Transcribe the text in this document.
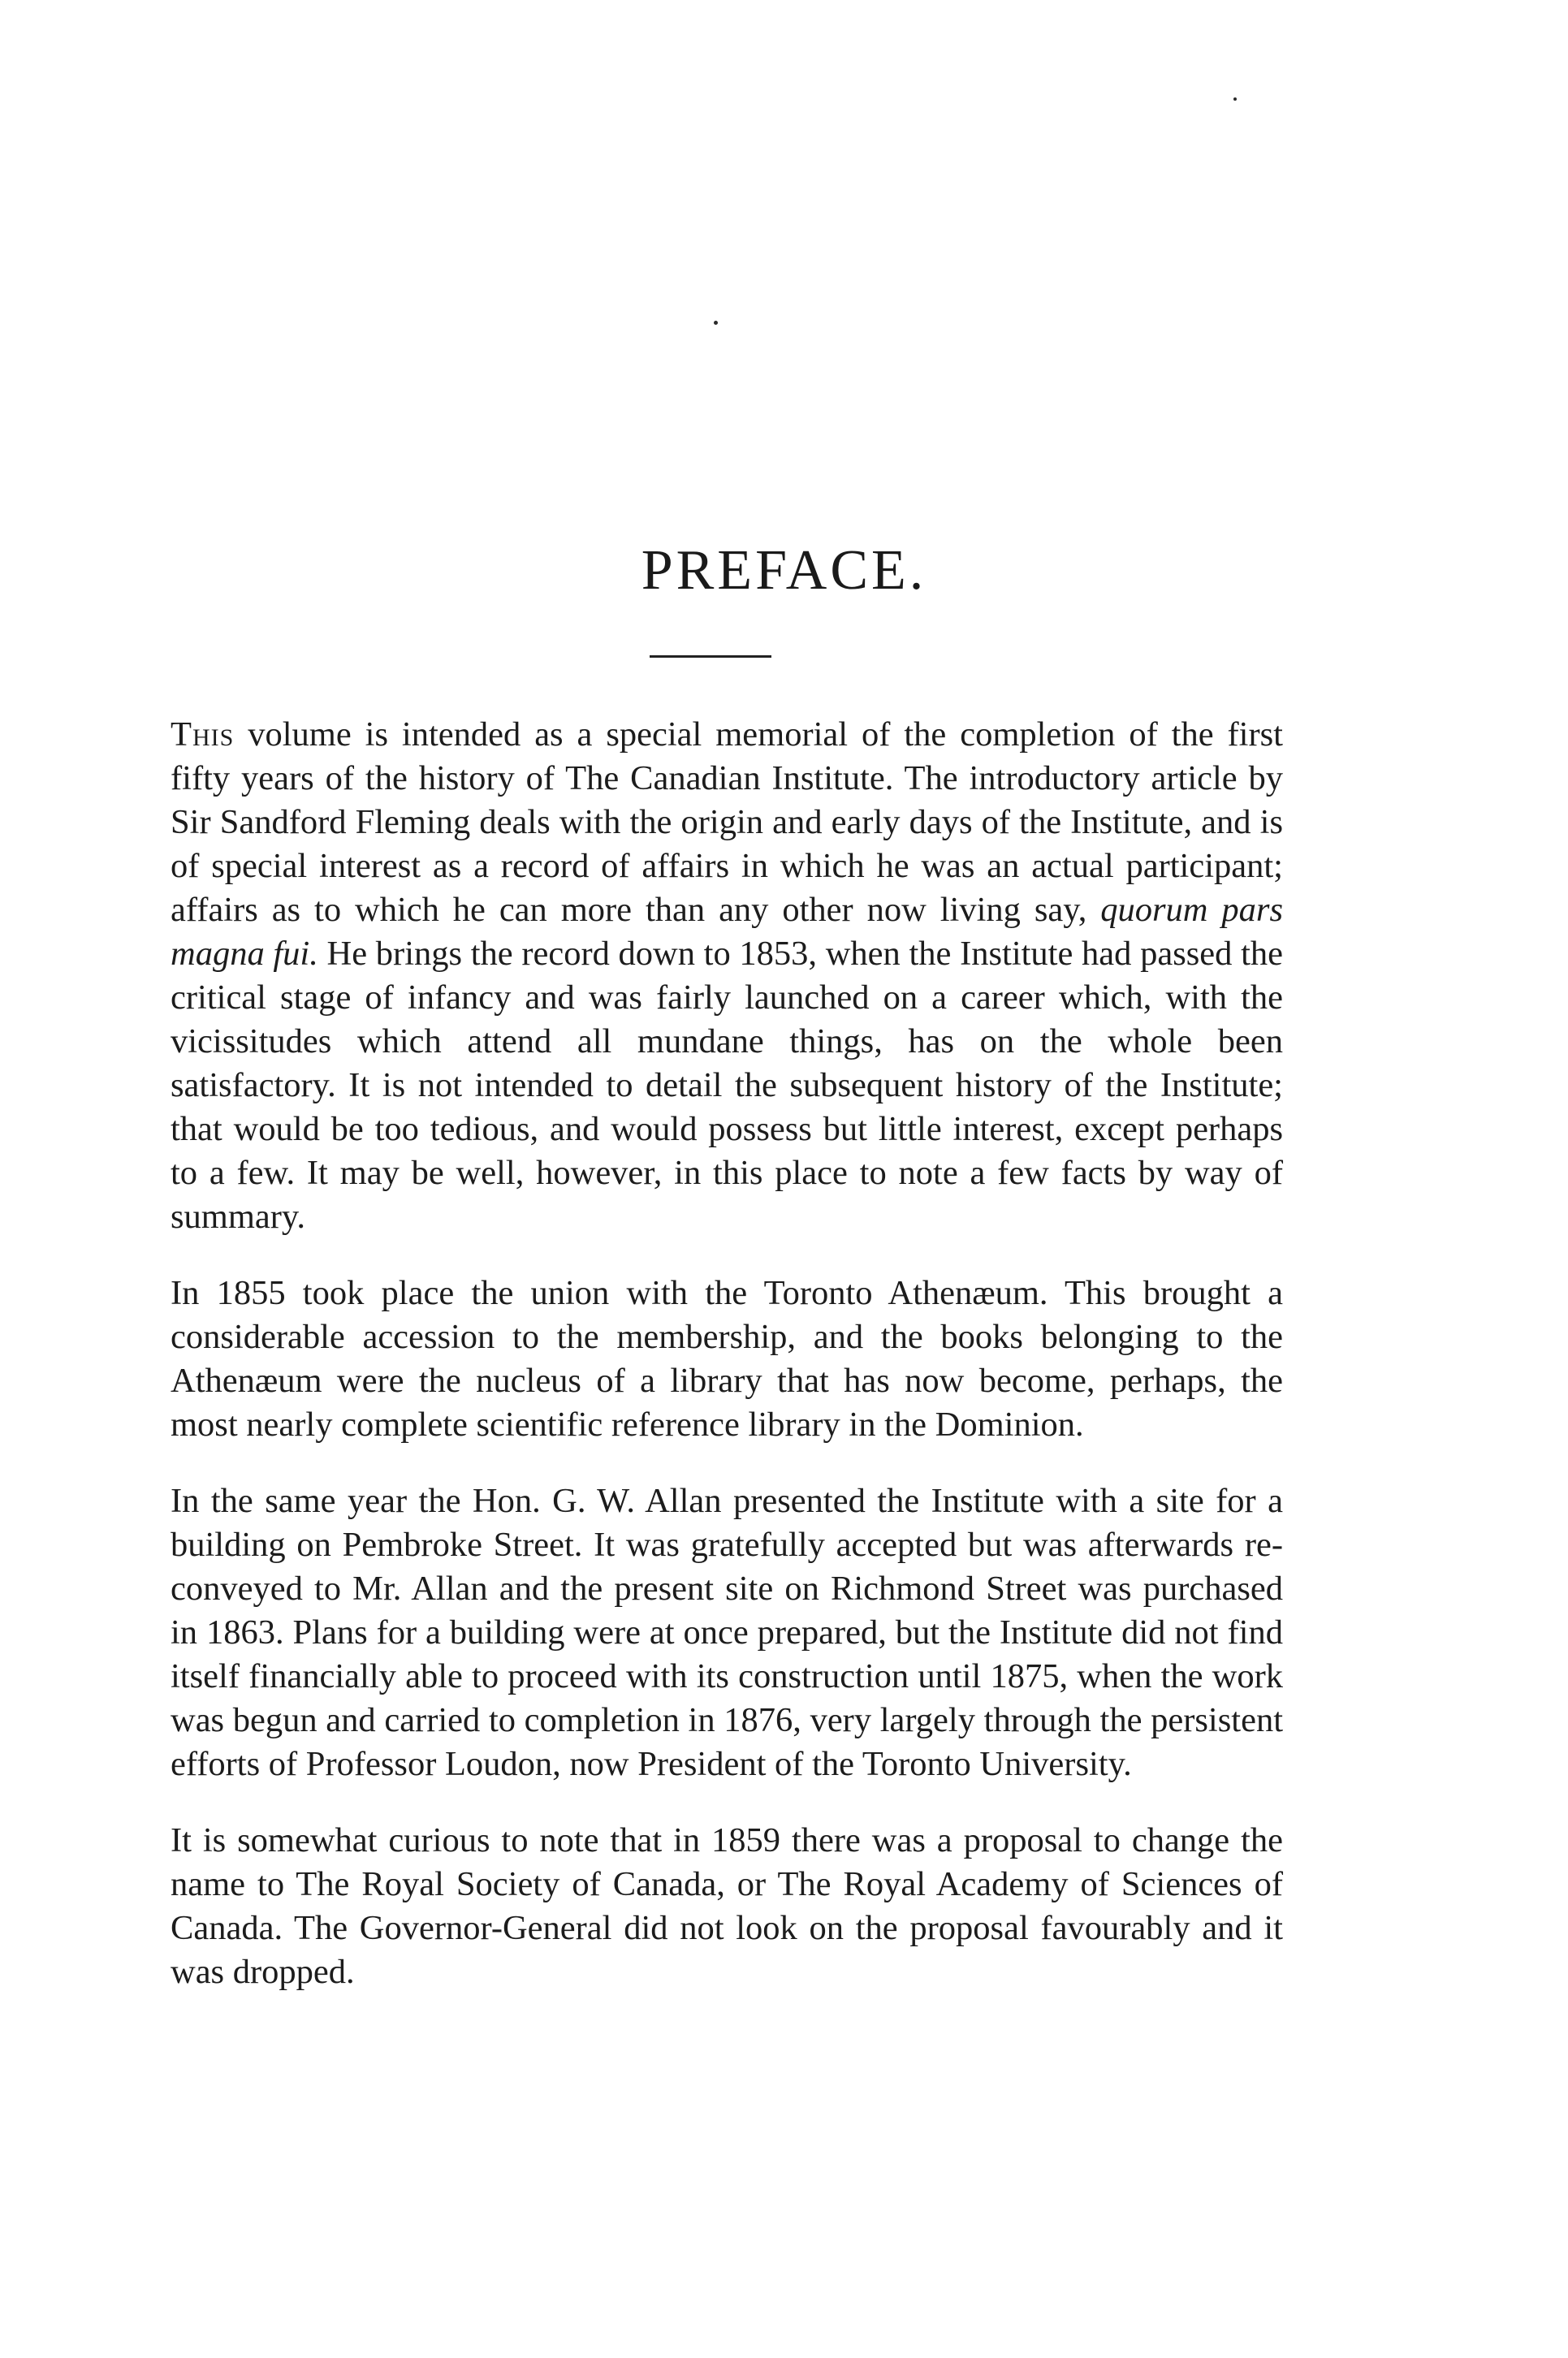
PREFACE.

This volume is intended as a special memorial of the completion of the first fifty years of the history of The Canadian Institute. The introductory article by Sir Sandford Fleming deals with the origin and early days of the Institute, and is of special interest as a record of affairs in which he was an actual participant; affairs as to which he can more than any other now living say, quorum pars magna fui. He brings the record down to 1853, when the Institute had passed the critical stage of infancy and was fairly launched on a career which, with the vicissitudes which attend all mundane things, has on the whole been satisfactory. It is not intended to detail the subsequent history of the Institute; that would be too tedious, and would possess but little interest, except perhaps to a few. It may be well, however, in this place to note a few facts by way of summary.

In 1855 took place the union with the Toronto Athenæum. This brought a considerable accession to the membership, and the books belonging to the Athenæum were the nucleus of a library that has now become, perhaps, the most nearly complete scientific reference library in the Dominion.

In the same year the Hon. G. W. Allan presented the Institute with a site for a building on Pembroke Street. It was gratefully accepted but was afterwards re-conveyed to Mr. Allan and the present site on Richmond Street was purchased in 1863. Plans for a building were at once prepared, but the Institute did not find itself financially able to proceed with its construction until 1875, when the work was begun and carried to completion in 1876, very largely through the persistent efforts of Professor Loudon, now President of the Toronto University.

It is somewhat curious to note that in 1859 there was a proposal to change the name to The Royal Society of Canada, or The Royal Academy of Sciences of Canada. The Governor-General did not look on the proposal favourably and it was dropped.
